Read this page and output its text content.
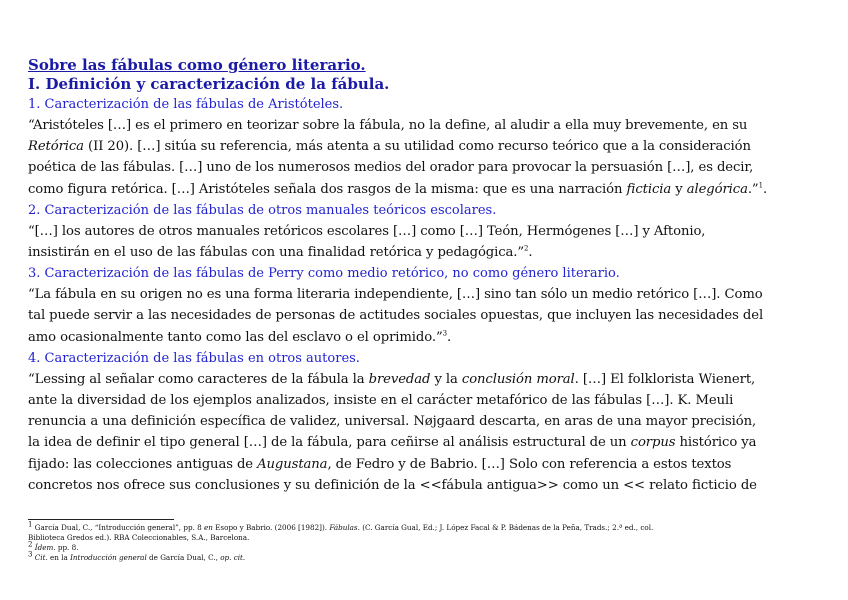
Sobre las fábulas como género literario.
I. Definición y caracterización de la fábula.
1. Caracterización de las fábulas de Aristóteles.
“Aristóteles […] es el primero en teorizar sobre la fábula, no la define, al aludir a ella muy brevemente, en su
Retórica (II 20). […] sitúa su referencia, más atenta a su utilidad como recurso teórico que a la consideración
poética de las fábulas. […] uno de los numerosos medios del orador para provocar la persuasión […], es decir,
como figura retórica. […] Aristóteles señala dos rasgos de la misma: que es una narración ficticia y alegórica.”$^1$.
2. Caracterización de las fábulas de otros manuales teóricos escolares.
“[…] los autores de otros manuales retóricos escolares […] como […] Teón, Hermógenes […] y Aftonio,
insistirán en el uso de las fábulas con una finalidad retórica y pedagógica.”$^2$.
3. Caracterización de las fábulas de Perry como medio retórico, no como género literario.
“La fábula en su origen no es una forma literaria independiente, […] sino tan sólo un medio retórico […]. Como
tal puede servir a las necesidades de personas de actitudes sociales opuestas, que incluyen las necesidades del
amo ocasionalmente tanto como las del esclavo o el oprimido.”$^3$.
4. Caracterización de las fábulas en otros autores.
“Lessing al señalar como caracteres de la fábula la brevedad y la conclusión moral. […] El folklorista Wienert,
ante la diversidad de los ejemplos analizados, insiste en el carácter metafórico de las fábulas […]. K. Meuli
renuncia a una definición específica de validez, universal. Nøjgaard descarta, en aras de una mayor precisión,
la idea de definir el tipo general […] de la fábula, para ceñirse al análisis estructural de un corpus histórico ya
fijado: las colecciones antiguas de Augustana, de Fedro y de Babrio. […] Solo con referencia a estos textos
concretos nos ofrece sus conclusiones y su definición de la <<fábula antigua>> como un << relato ficticio de
$^1$ García Dual, C., “Introducción general”, pp. 8 en Esopo y Babrio. (2006 [1982]). Fábulas. (C. García Gual, Ed.; J. López Facal & P. Bádenas de la Peña, Trads.; 2.ª ed., col.
Biblioteca Gredos ed.). RBA Coleccionables, S.A., Barcelona.
$^2$ Ídem. pp. 8.
$^3$ Cit. en la Introducción general de García Dual, C., op. cit.
